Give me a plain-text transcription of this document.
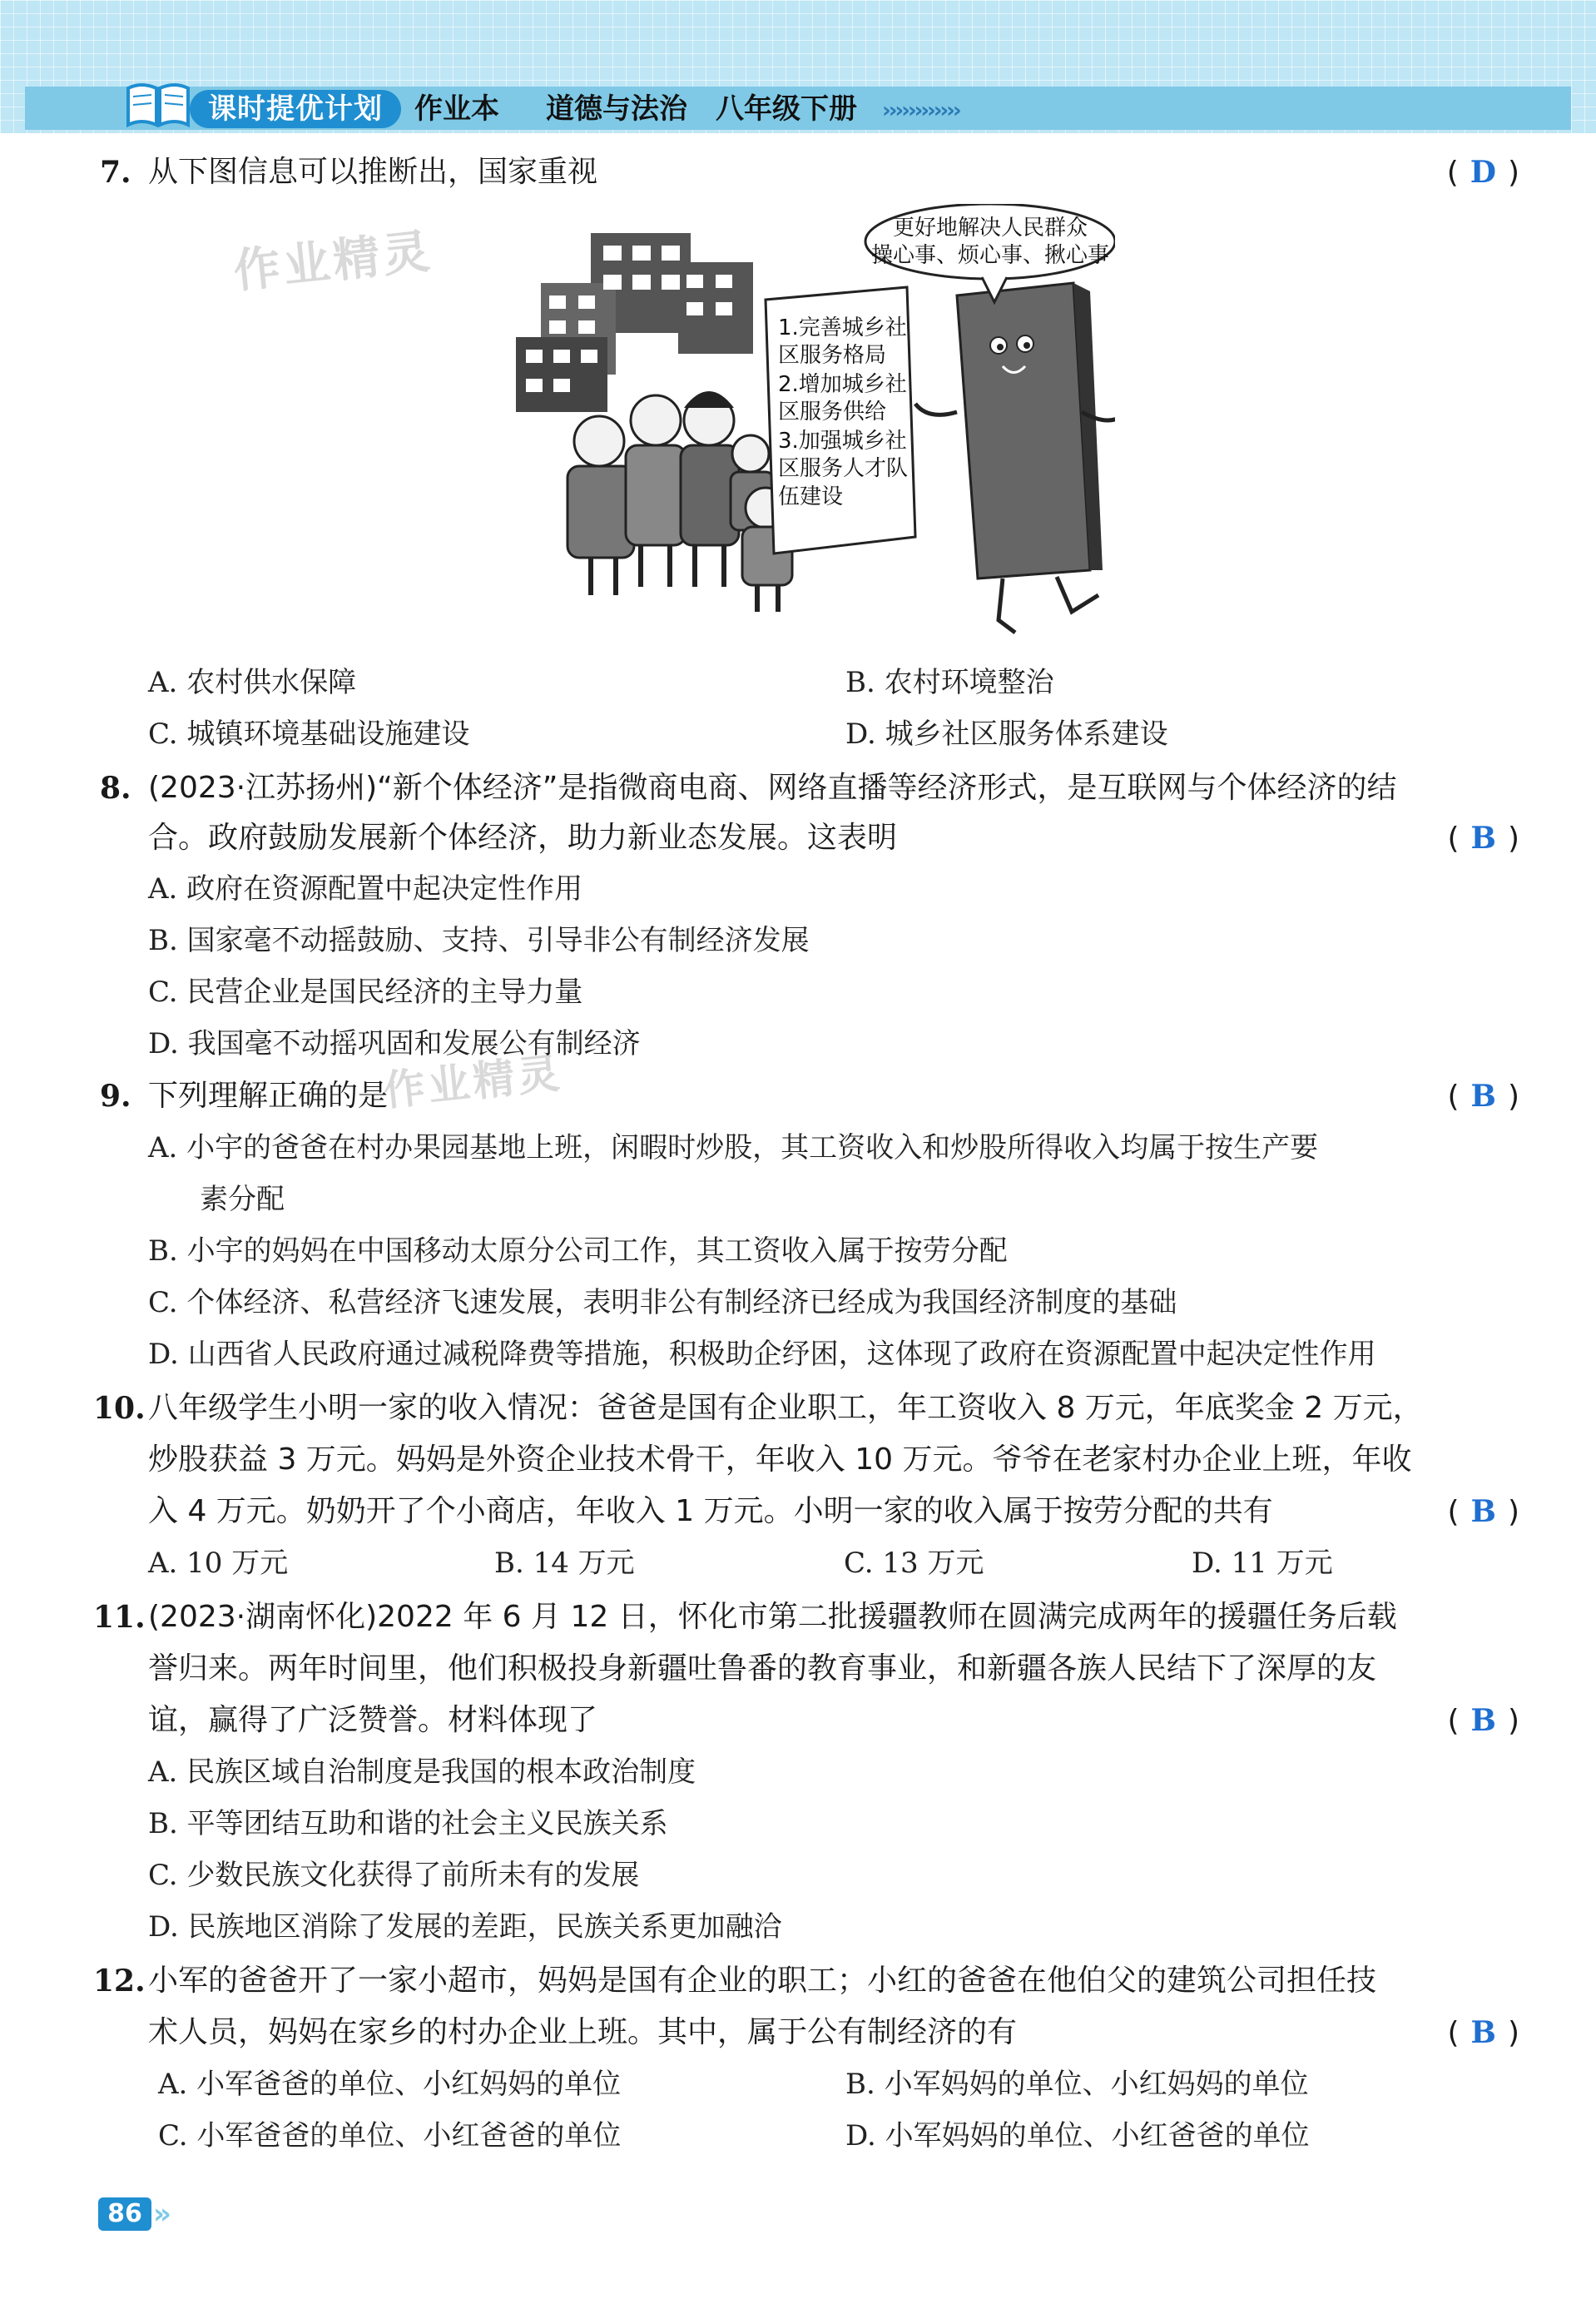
课时提优计划	作业本 道德与法治　八年级下册 ››››››››››››
作业精灵
作业精灵
7. 从下图信息可以推断出，国家重视	( D )
1.完善城乡社
区服务格局
2.增加城乡社
区服务供给
3.加强城乡社
区服务人才队
伍建设
更好地解决人民群众
操心事、烦心事、揪心事
A. 农村供水保障	B. 农村环境整治
C. 城镇环境基础设施建设	D. 城乡社区服务体系建设
8. (2023·江苏扬州)“新个体经济”是指微商电商、网络直播等经济形式，是互联网与个体经济的结
合。政府鼓励发展新个体经济，助力新业态发展。这表明	( B )
A. 政府在资源配置中起决定性作用
B. 国家毫不动摇鼓励、支持、引导非公有制经济发展
C. 民营企业是国民经济的主导力量
D. 我国毫不动摇巩固和发展公有制经济
9. 下列理解正确的是	( B )
A. 小宇的爸爸在村办果园基地上班，闲暇时炒股，其工资收入和炒股所得收入均属于按生产要
素分配
B. 小宇的妈妈在中国移动太原分公司工作，其工资收入属于按劳分配
C. 个体经济、私营经济飞速发展，表明非公有制经济已经成为我国经济制度的基础
D. 山西省人民政府通过减税降费等措施，积极助企纾困，这体现了政府在资源配置中起决定性作用
10. 八年级学生小明一家的收入情况：爸爸是国有企业职工，年工资收入 8 万元，年底奖金 2 万元，
炒股获益 3 万元。妈妈是外资企业技术骨干，年收入 10 万元。爷爷在老家村办企业上班，年收
入 4 万元。奶奶开了个小商店，年收入 1 万元。小明一家的收入属于按劳分配的共有	( B )
A. 10 万元	B. 14 万元	C. 13 万元	D. 11 万元
11. (2023·湖南怀化)2022 年 6 月 12 日，怀化市第二批援疆教师在圆满完成两年的援疆任务后载
誉归来。两年时间里，他们积极投身新疆吐鲁番的教育事业，和新疆各族人民结下了深厚的友
谊，赢得了广泛赞誉。材料体现了	( B )
A. 民族区域自治制度是我国的根本政治制度
B. 平等团结互助和谐的社会主义民族关系
C. 少数民族文化获得了前所未有的发展
D. 民族地区消除了发展的差距，民族关系更加融洽
12. 小军的爸爸开了一家小超市，妈妈是国有企业的职工；小红的爸爸在他伯父的建筑公司担任技
术人员，妈妈在家乡的村办企业上班。其中，属于公有制经济的有	( B )
A. 小军爸爸的单位、小红妈妈的单位	B. 小军妈妈的单位、小红妈妈的单位
C. 小军爸爸的单位、小红爸爸的单位	D. 小军妈妈的单位、小红爸爸的单位
86 »
